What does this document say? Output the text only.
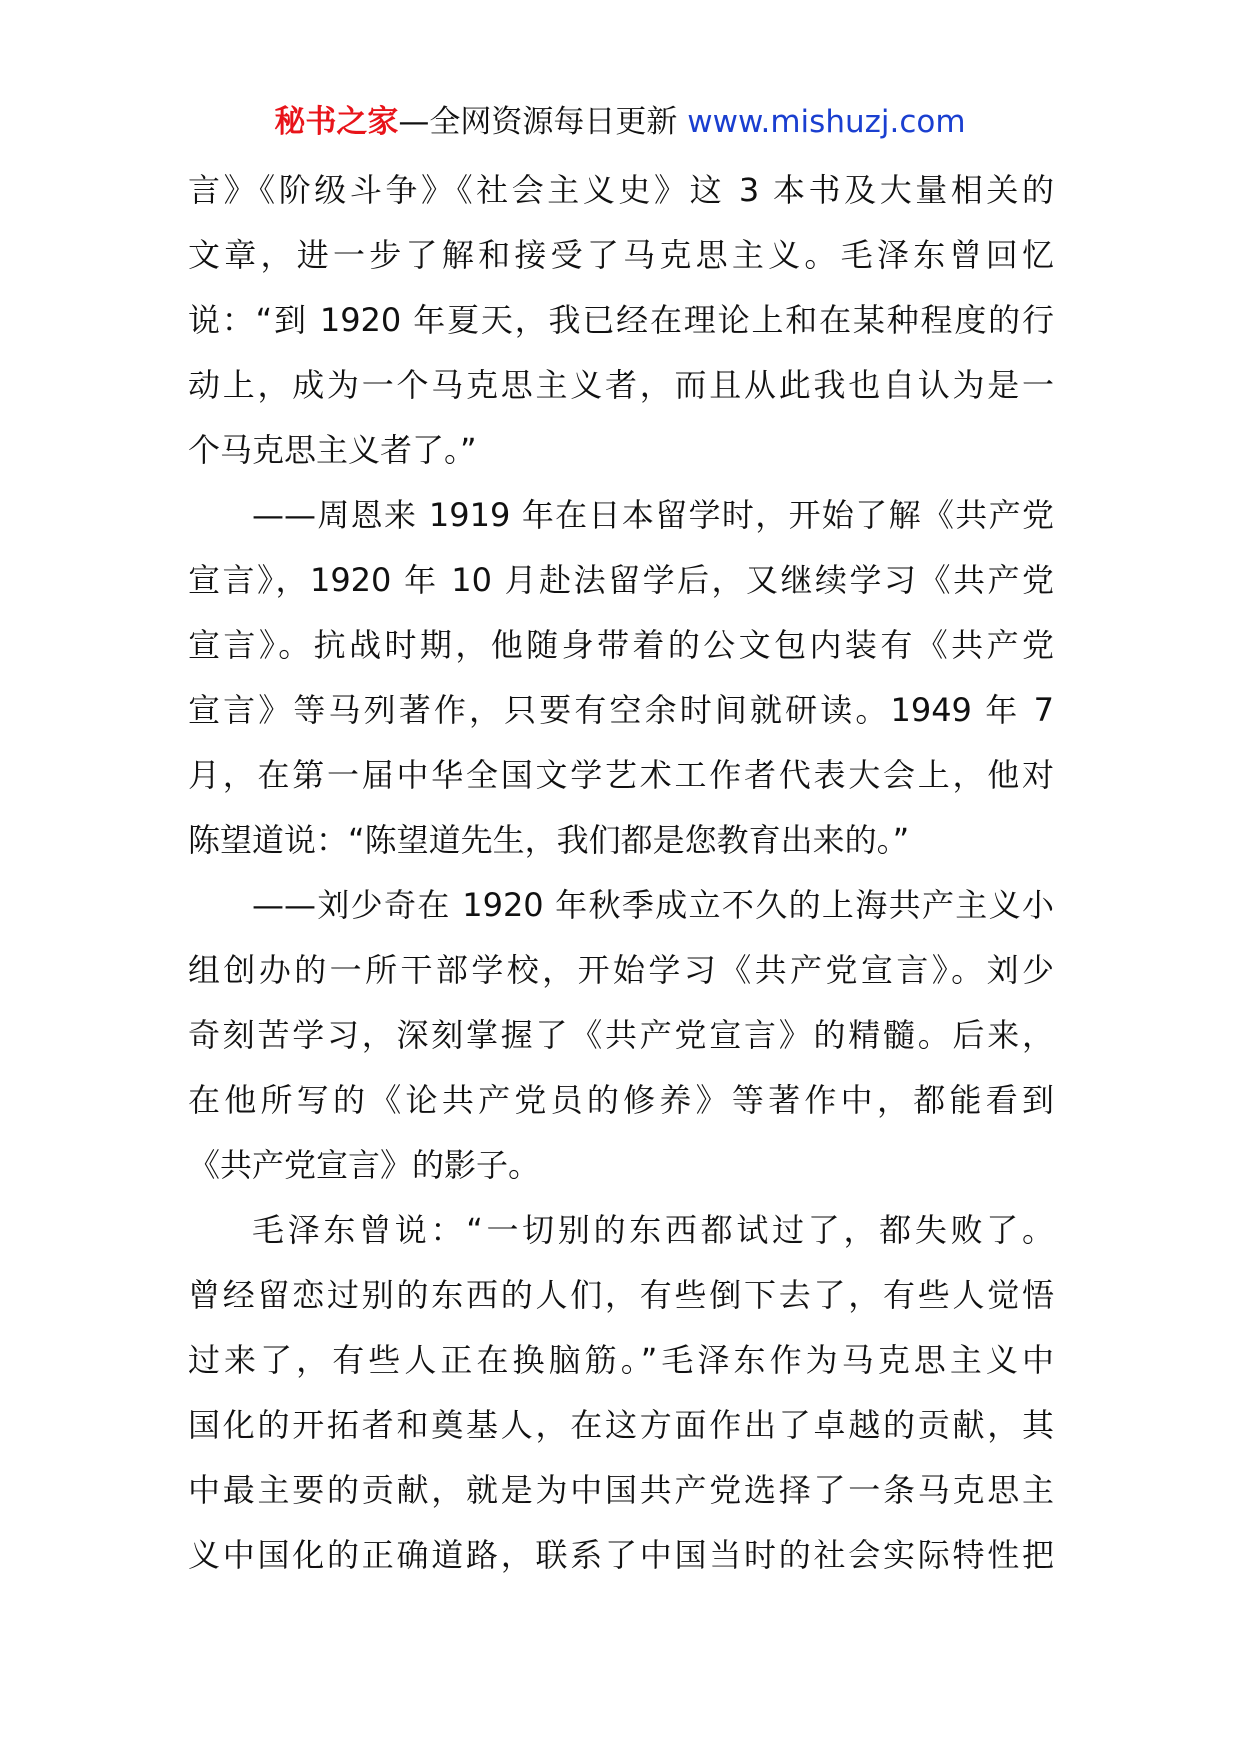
秘书之家—全网资源每日更新 www.mishuzj.com
言》《阶级斗争》《社会主义史》这 3 本书及大量相关的
文章，进一步了解和接受了马克思主义。毛泽东曾回忆
说：“到 1920 年夏天，我已经在理论上和在某种程度的行
动上，成为一个马克思主义者，而且从此我也自认为是一
个马克思主义者了。”
——周恩来 1919 年在日本留学时，开始了解《共产党
宣言》，1920 年 10 月赴法留学后，又继续学习《共产党
宣言》。抗战时期，他随身带着的公文包内装有《共产党
宣言》等马列著作，只要有空余时间就研读。1949 年 7
月，在第一届中华全国文学艺术工作者代表大会上，他对
陈望道说：“陈望道先生，我们都是您教育出来的。”
——刘少奇在 1920 年秋季成立不久的上海共产主义小
组创办的一所干部学校，开始学习《共产党宣言》。刘少
奇刻苦学习，深刻掌握了《共产党宣言》的精髓。后来，
在他所写的《论共产党员的修养》等著作中，都能看到
《共产党宣言》的影子。
毛泽东曾说：“一切别的东西都试过了，都失败了。
曾经留恋过别的东西的人们，有些倒下去了，有些人觉悟
过来了，有些人正在换脑筋。”毛泽东作为马克思主义中
国化的开拓者和奠基人，在这方面作出了卓越的贡献，其
中最主要的贡献，就是为中国共产党选择了一条马克思主
义中国化的正确道路，联系了中国当时的社会实际特性把
